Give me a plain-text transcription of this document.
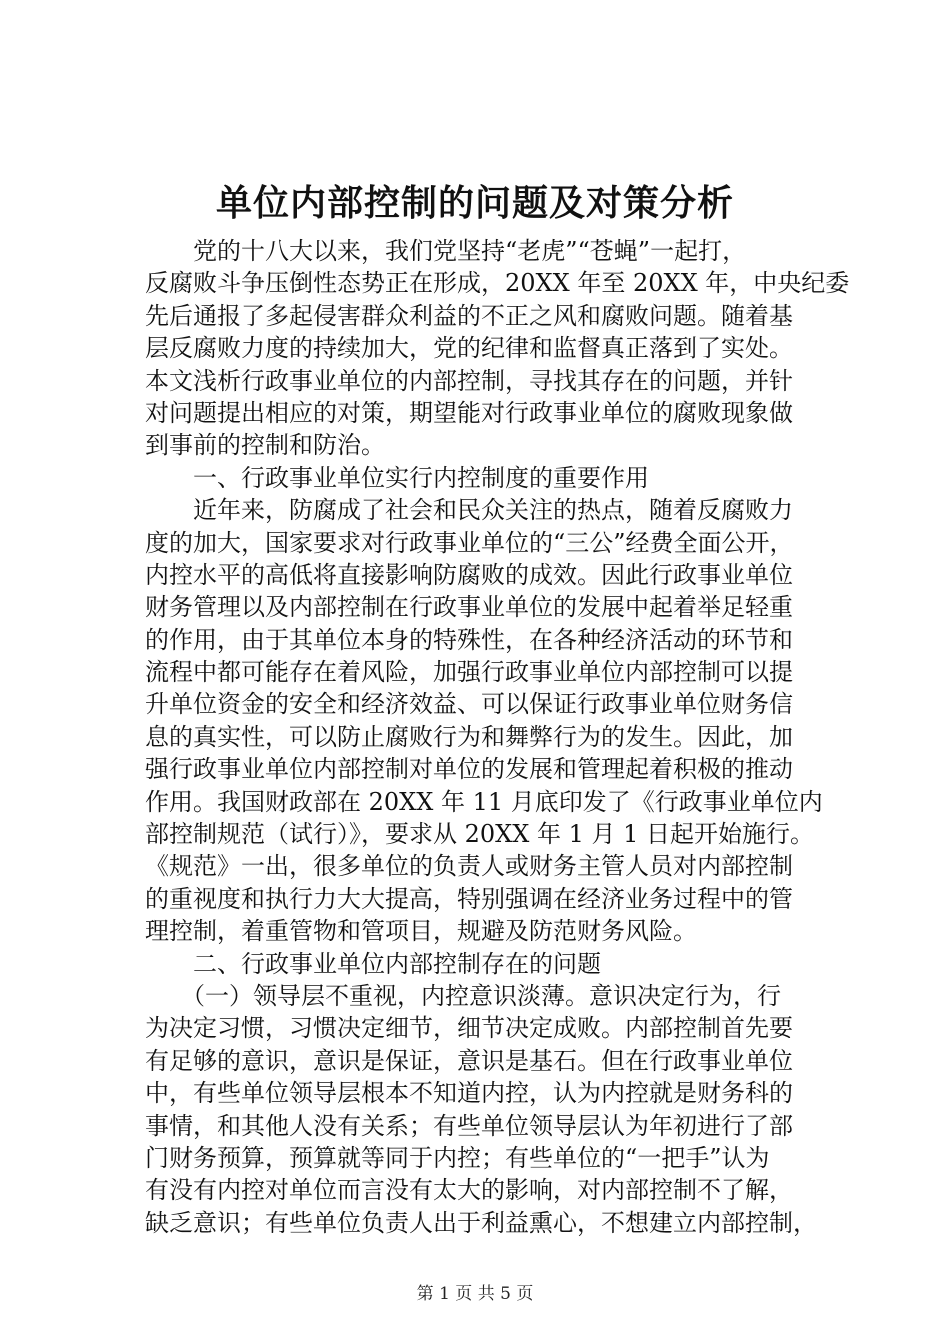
单位内部控制的问题及对策分析
　　党的十八大以来，我们党坚持“老虎”“苍蝇”一起打，
反腐败斗争压倒性态势正在形成，20XX 年至 20XX 年，中央纪委
先后通报了多起侵害群众利益的不正之风和腐败问题。随着基
层反腐败力度的持续加大，党的纪律和监督真正落到了实处。
本文浅析行政事业单位的内部控制，寻找其存在的问题，并针
对问题提出相应的对策，期望能对行政事业单位的腐败现象做
到事前的控制和防治。
　　一、行政事业单位实行内控制度的重要作用
　　近年来，防腐成了社会和民众关注的热点，随着反腐败力
度的加大，国家要求对行政事业单位的“三公”经费全面公开，
内控水平的高低将直接影响防腐败的成效。因此行政事业单位
财务管理以及内部控制在行政事业单位的发展中起着举足轻重
的作用，由于其单位本身的特殊性，在各种经济活动的环节和
流程中都可能存在着风险，加强行政事业单位内部控制可以提
升单位资金的安全和经济效益、可以保证行政事业单位财务信
息的真实性，可以防止腐败行为和舞弊行为的发生。因此，加
强行政事业单位内部控制对单位的发展和管理起着积极的推动
作用。我国财政部在 20XX 年 11 月底印发了《行政事业单位内
部控制规范（试行）》，要求从 20XX 年 1 月 1 日起开始施行。
《规范》一出，很多单位的负责人或财务主管人员对内部控制
的重视度和执行力大大提高，特别强调在经济业务过程中的管
理控制，着重管物和管项目，规避及防范财务风险。
　　二、行政事业单位内部控制存在的问题
　　（一）领导层不重视，内控意识淡薄。意识决定行为，行
为决定习惯，习惯决定细节，细节决定成败。内部控制首先要
有足够的意识，意识是保证，意识是基石。但在行政事业单位
中，有些单位领导层根本不知道内控，认为内控就是财务科的
事情，和其他人没有关系；有些单位领导层认为年初进行了部
门财务预算，预算就等同于内控；有些单位的“一把手”认为
有没有内控对单位而言没有太大的影响，对内部控制不了解，
缺乏意识；有些单位负责人出于利益熏心，不想建立内部控制，
第 1 页 共 5 页
